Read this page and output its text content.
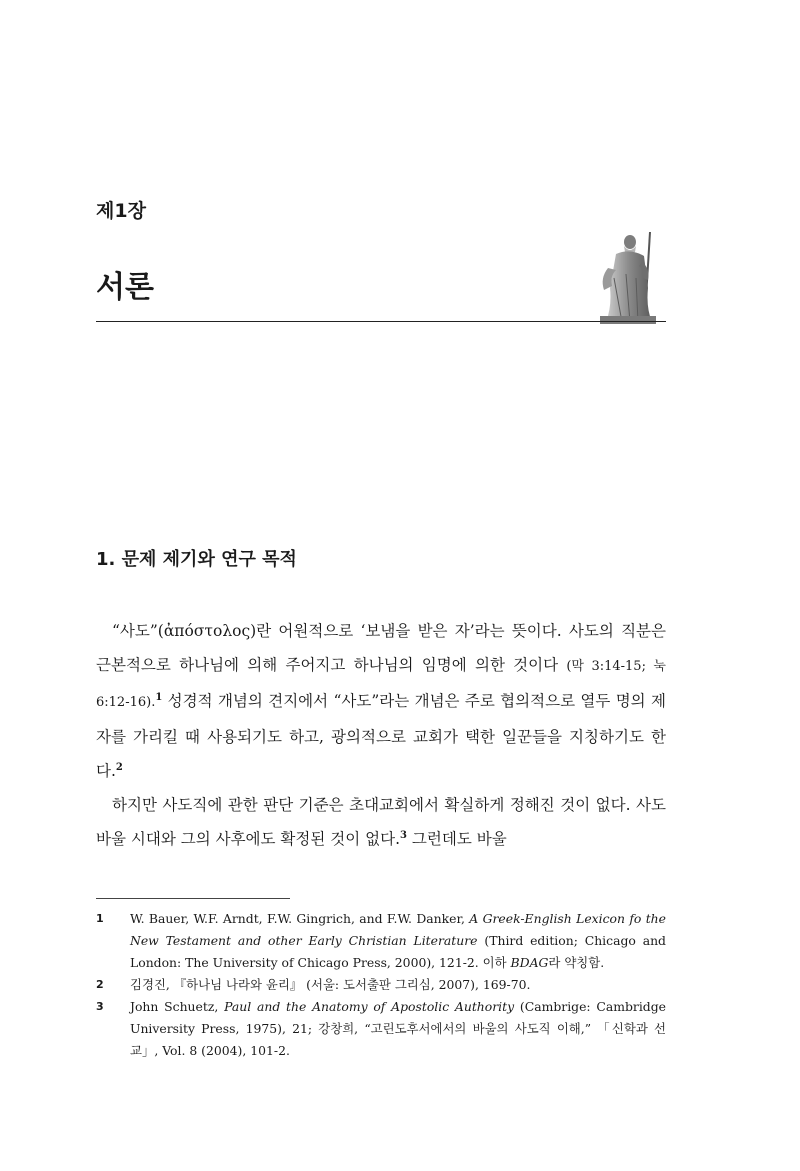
제1장
서론
1. 문제 제기와 연구 목적

“사도”(ἀπόστολος)란 어원적으로 ‘보냄을 받은 자’라는 뜻이다. 사도의 직분은 근본적으로 하나님에 의해 주어지고 하나님의 임명에 의한 것이다 (막 3:14-15; 눅 6:12-16).$^1$ 성경적 개념의 견지에서 “사도”라는 개념은 주로 협의적으로 열두 명의 제자를 가리킬 때 사용되기도 하고, 광의적으로 교회가 택한 일꾼들을 지칭하기도 한다.$^2$

하지만 사도직에 관한 판단 기준은 초대교회에서 확실하게 정해진 것이 없다. 사도 바울 시대와 그의 사후에도 확정된 것이 없다.$^3$ 그런데도 바울

1	W. Bauer, W.F. Arndt, F.W. Gingrich, and F.W. Danker, A Greek-English Lexicon fo the New Testament and other Early Christian Literature (Third edition; Chicago and London: The University of Chicago Press, 2000), 121-2. 이하 BDAG라 약칭함.
2	김경진, 『하나님 나라와 윤리』 (서울: 도서출판 그리심, 2007), 169-70.
3	John Schuetz, Paul and the Anatomy of Apostolic Authority (Cambrige: Cambridge University Press, 1975), 21; 강창희, “고린도후서에서의 바울의 사도직 이해,” 「신학과 선교」, Vol. 8 (2004), 101-2.
